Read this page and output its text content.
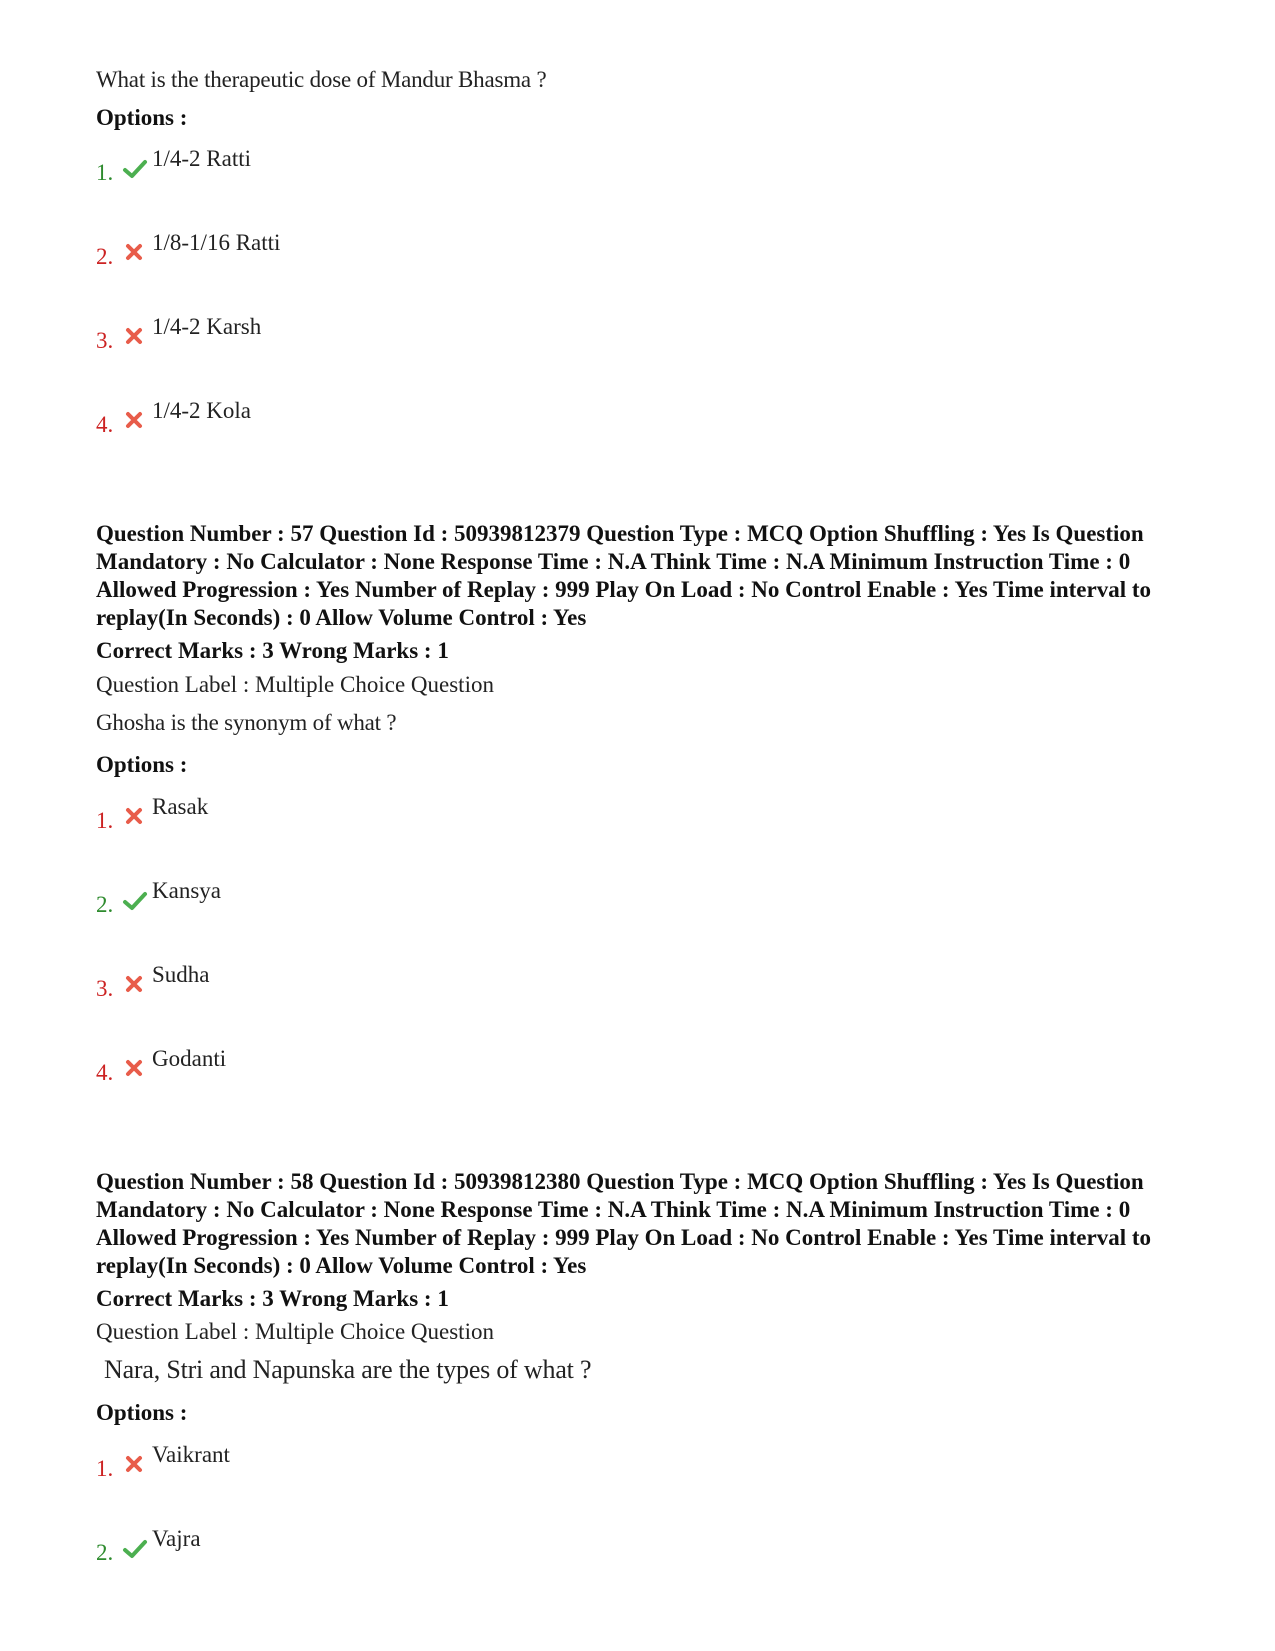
What is the therapeutic dose of Mandur Bhasma ?
Options :
1.
1/4-2 Ratti
2.
1/8-1/16 Ratti
3.
1/4-2 Karsh
4.
1/4-2 Kola
Question Number : 57 Question Id : 50939812379 Question Type : MCQ Option Shuffling : Yes Is Question Mandatory : No Calculator : None Response Time : N.A Think Time : N.A Minimum Instruction Time : 0 Allowed Progression : Yes Number of Replay : 999 Play On Load : No Control Enable : Yes Time interval to replay(In Seconds) : 0 Allow Volume Control : Yes
Correct Marks : 3 Wrong Marks : 1
Question Label : Multiple Choice Question
Ghosha is the synonym of what ?
Options :
1.
Rasak
2.
Kansya
3.
Sudha
4.
Godanti
Question Number : 58 Question Id : 50939812380 Question Type : MCQ Option Shuffling : Yes Is Question Mandatory : No Calculator : None Response Time : N.A Think Time : N.A Minimum Instruction Time : 0 Allowed Progression : Yes Number of Replay : 999 Play On Load : No Control Enable : Yes Time interval to replay(In Seconds) : 0 Allow Volume Control : Yes
Correct Marks : 3 Wrong Marks : 1
Question Label : Multiple Choice Question
Nara, Stri and Napunska are the types of what ?
Options :
1.
Vaikrant
2.
Vajra
